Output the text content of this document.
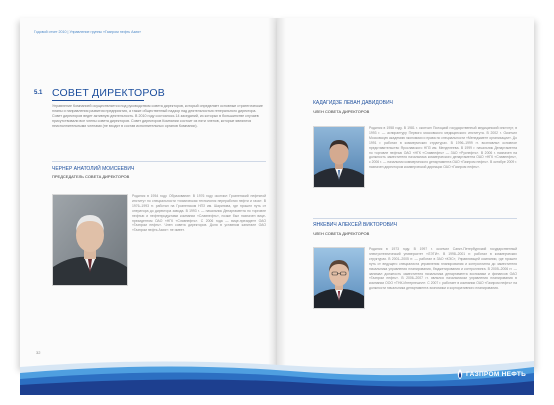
Годовой отчет 2010 | Управление группы «Газпром нефть Азия»
5.1 СОВЕТ ДИРЕКТОРОВ
Управление Компанией осуществляется под руководством совета директоров, который определяет основные стратегические планы и направления развития предприятия, а также общественный надзор над деятельностью генерального директора. Совет директоров ведет активную деятельность. В 2010 году состоялось 14 заседаний, из которых в большинстве случаев присутствовали все члены совета директоров. Совет директоров Компании состоит из пяти членов, которые являются неисполнительными членами (не входят в состав исполнительных органов Компании).
ЧЕРНЕР АНАТОЛИЙ МОИСЕЕВИЧ
ПРЕДСЕДАТЕЛЬ СОВЕТА ДИРЕКТОРОВ
Родился в 1954 году. Образование: В 1976 году окончил Грозненский нефтяной институт по специальности «химическая технология переработки нефти и газа». В 1976–1993 гг. работал на Грозненском НПЗ им. Шарипова, где прошел путь от оператора до директора завода. В 1993 г. — начальник Департамента по торговле нефтью и нефтепродуктами компании «Славнефть», позже был назначен вице-президентом ОАО «НГК «Славнефть». С 2006 года — вице-президент ОАО «Газпром нефть». Член совета директоров. Доля в уставном капитале ОАО «Газпром нефть Азия»: не имеет.
КАДАГИДЗЕ ЛЕВАН ДАВИДОВИЧ
ЧЛЕН СОВЕТА ДИРЕКТОРОВ
Родился в 1958 году. В 1981 г. окончил Полоцкий государственный медицинский институт, в 1993 г. — аспирантуру Первого московского медицинского института. В 2002 г. Окончил Московскую академию экономики и права по специальности «Менеджмент организации». До 1991 г. работал в коммерческих структурах. В 1996–1999 гг. возглавлял основное представительство Ярославского НПЗ им. Менделеева. В 1999 г. начальник Департамента по торговле нефтью ОАО «НГК «Славнефть» — ЗАО «Руснефть». В 2006 г. назначен на должность заместителя начальника коммерческого департамента ОАО «НГК «Славнефть», с 2006 г. — начальник коммерческого департамента ОАО «Газпром нефть». В октябре 2009 г. назначен директором коммерческой дирекции ОАО «Газпром нефть».
ЯНКЕВИЧ АЛЕКСЕЙ ВИКТОРОВИЧ
ЧЛЕН СОВЕТА ДИРЕКТОРОВ
Родился в 1973 году. В 1997 г. окончил Санкт-Петербургский государственный электротехнический университет «ЛЭТИ». В 1998–2001 гг. работал в коммерческих структурах. В 2001–2005 гг. — работал в ЗАО «КЭС», Управляющей компании, где прошел путь от ведущего специалиста управления планирования и контроллинга до заместителя начальника управления планирования, бюджетирования и контроллинга. В 2005–2006 гг. — занимал должность заместителя начальника департамента экономики и финансов ОАО «Газпром нефть». В 2006–2007 гг. являлся начальником управления планирования в компании ООО «ТНК-Интернешнл». С 2007 г. работает в компании ОАО «Газпром нефть» на должности начальника департамента экономики и корпоративного планирования.
32
ГАЗПРОМ НЕФТЬ
